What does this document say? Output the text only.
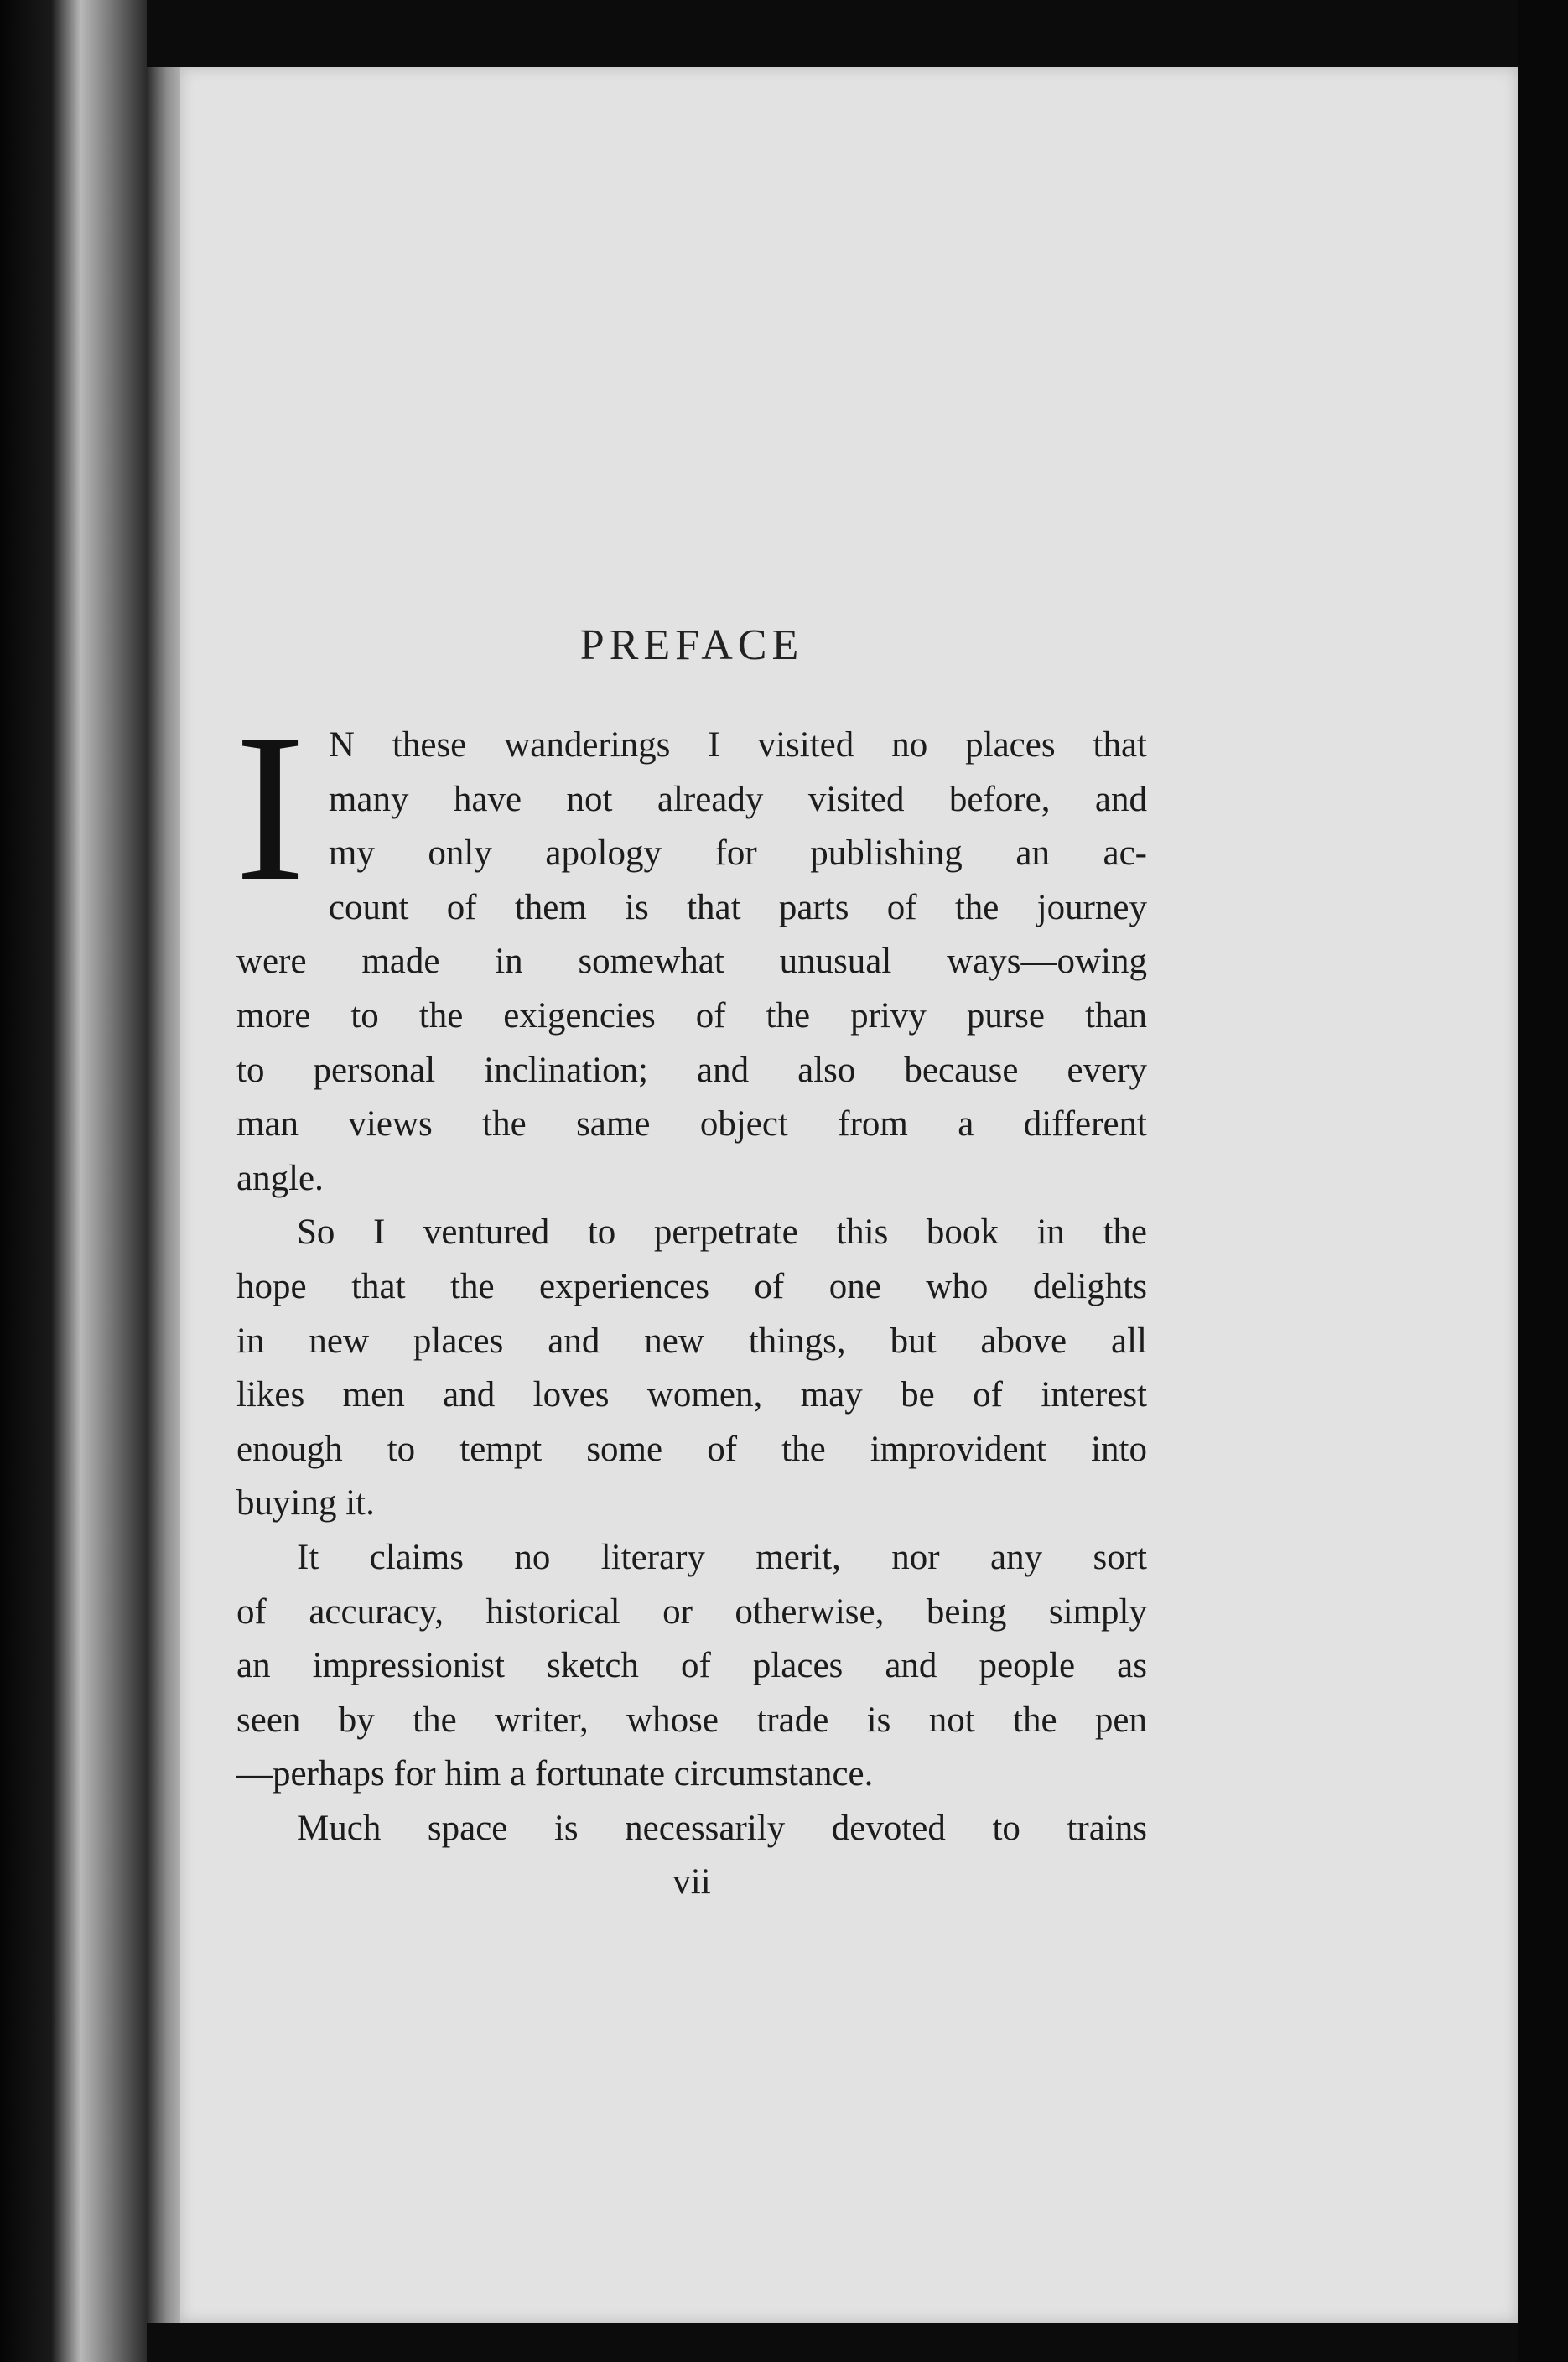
PREFACE
I N these wanderings I visited no places that
many have not already visited before, and
my only apology for publishing an ac-
count of them is that parts of the journey
were made in somewhat unusual ways—owing
more to the exigencies of the privy purse than
to personal inclination; and also because every
man views the same object from a different
angle.
So I ventured to perpetrate this book in the
hope that the experiences of one who delights
in new places and new things, but above all
likes men and loves women, may be of interest
enough to tempt some of the improvident into
buying it.
It claims no literary merit, nor any sort
of accuracy, historical or otherwise, being simply
an impressionist sketch of places and people as
seen by the writer, whose trade is not the pen
—perhaps for him a fortunate circumstance.
Much space is necessarily devoted to trains
vii
